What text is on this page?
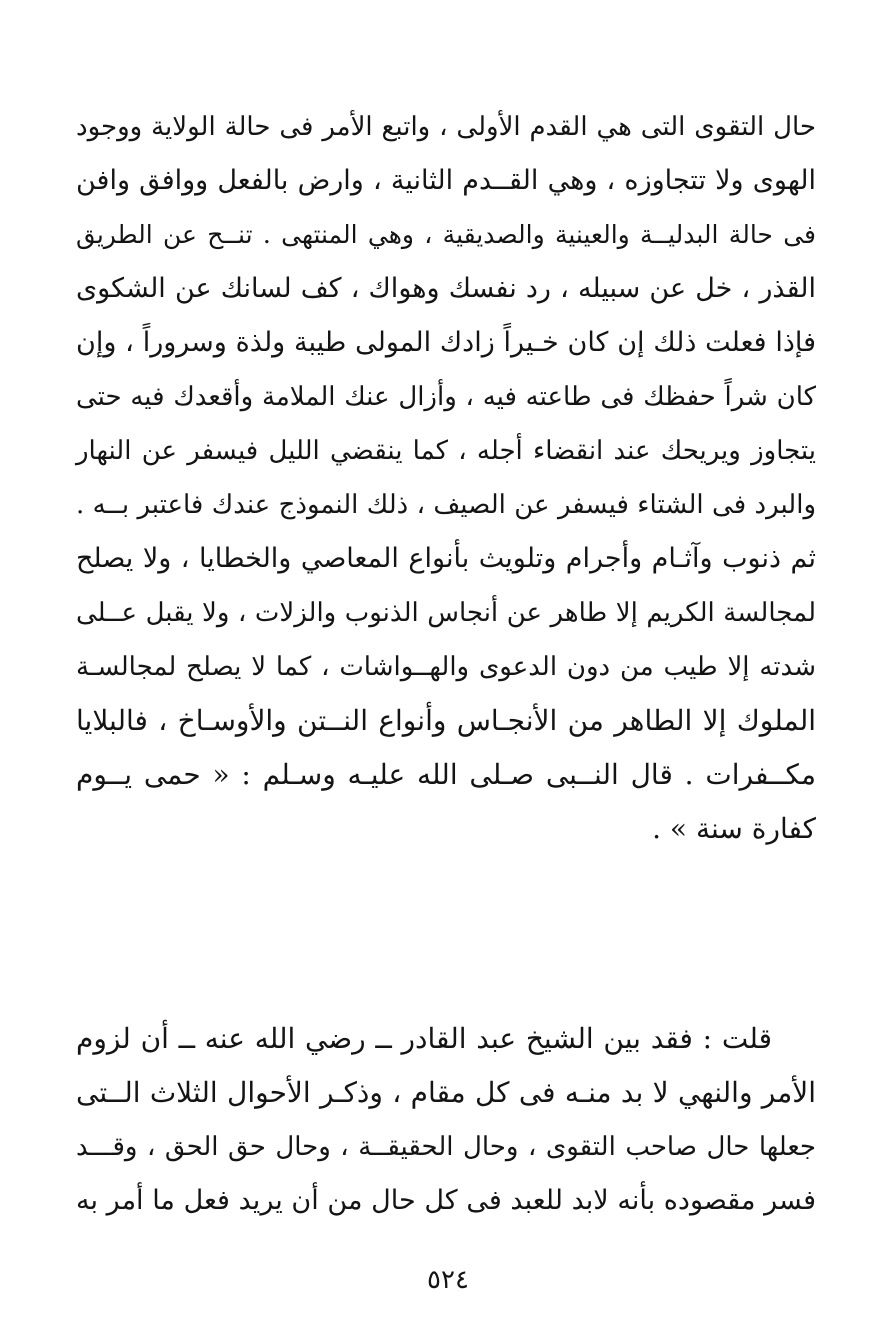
حال التقوى التى هي القدم الأولى ، واتبع الأمر فى حالة الولاية ووجود
الهوى ولا تتجاوزه ، وهي القــدم الثانية ، وارض بالفعل ووافق وافن
فى حالة البدليــة والعينية والصديقية ، وهي المنتهى . تنــح عن الطريق
القذر ، خل عن سبيله ، رد نفسك وهواك ، كف لسانك عن الشكوى
فإذا فعلت ذلك إن كان خـيراً زادك المولى طيبة ولذة وسروراً ، وإن
كان شراً حفظك فى طاعته فيه ، وأزال عنك الملامة وأقعدك فيه حتى
يتجاوز ويريحك عند انقضاء أجله ، كما ينقضي الليل فيسفر عن النهار
والبرد فى الشتاء فيسفر عن الصيف ، ذلك النموذج عندك فاعتبر بــه .
ثم ذنوب وآثـام وأجرام وتلويث بأنواع المعاصي والخطايا ، ولا يصلح
لمجالسة الكريم إلا طاهر عن أنجاس الذنوب والزلات ، ولا يقبل عــلى
شدته إلا طيب من دون الدعوى والهــواشات ، كما لا يصلح لمجالسـة
الملوك إلا الطاهر من الأنجـاس وأنواع النــتن والأوسـاخ ، فالبلايا
مكــفرات . قال النــبى صـلى الله عليـه وسـلم : « حمى يــوم
كفارة سنة » .
قلت : فقد بين الشيخ عبد القادر ــ رضي الله عنه ــ أن لزوم
الأمر والنهي لا بد منـه فى كل مقام ، وذكـر الأحوال الثلاث الــتى
جعلها حال صاحب التقوى ، وحال الحقيقــة ، وحال حق الحق ، وقـــد
فسر مقصوده بأنه لابد للعبد فى كل حال من أن يريد فعل ما أمر به
٥٢٤
